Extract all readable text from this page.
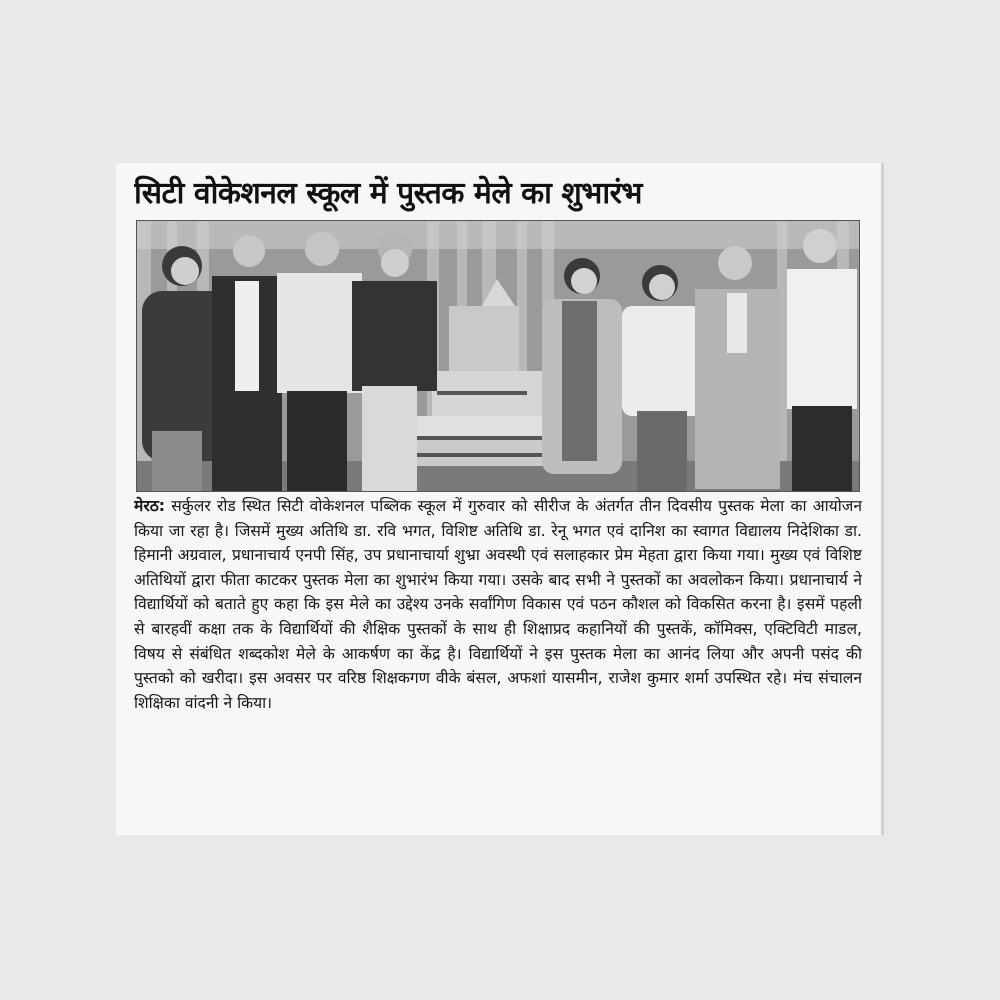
सिटी वोकेशनल स्कूल में पुस्तक मेले का शुभारंभ
मेरठ: सर्कुलर रोड स्थित सिटी वोकेशनल पब्लिक स्कूल में गुरुवार को सीरीज के अंतर्गत तीन दिवसीय पुस्तक मेला का आयोजन किया जा रहा है। जिसमें मुख्य अतिथि डा. रवि भगत, विशिष्ट अतिथि डा. रेनू भगत एवं दानिश का स्वागत विद्यालय निदेशिका डा. हिमानी अग्रवाल, प्रधानाचार्य एनपी सिंह, उप प्रधानाचार्या शुभ्रा अवस्थी एवं सलाहकार प्रेम मेहता द्वारा किया गया। मुख्य एवं विशिष्ट अतिथियों द्वारा फीता काटकर पुस्तक मेला का शुभारंभ किया गया। उसके बाद सभी ने पुस्तकों का अवलोकन किया। प्रधानाचार्य ने विद्यार्थियों को बताते हुए कहा कि इस मेले का उद्देश्य उनके सर्वांगिण विकास एवं पठन कौशल को विकसित करना है। इसमें पहली से बारहवीं कक्षा तक के विद्यार्थियों की शैक्षिक पुस्तकों के साथ ही शिक्षाप्रद कहानियों की पुस्तकें, कॉमिक्स, एक्टिविटी माडल, विषय से संबंधित शब्दकोश मेले के आकर्षण का केंद्र है। विद्यार्थियों ने इस पुस्तक मेला का आनंद लिया और अपनी पसंद की पुस्तको को खरीदा। इस अवसर पर वरिष्ठ शिक्षकगण वीके बंसल, अफशां यासमीन, राजेश कुमार शर्मा उपस्थित रहे। मंच संचालन शिक्षिका वांदनी ने किया।
